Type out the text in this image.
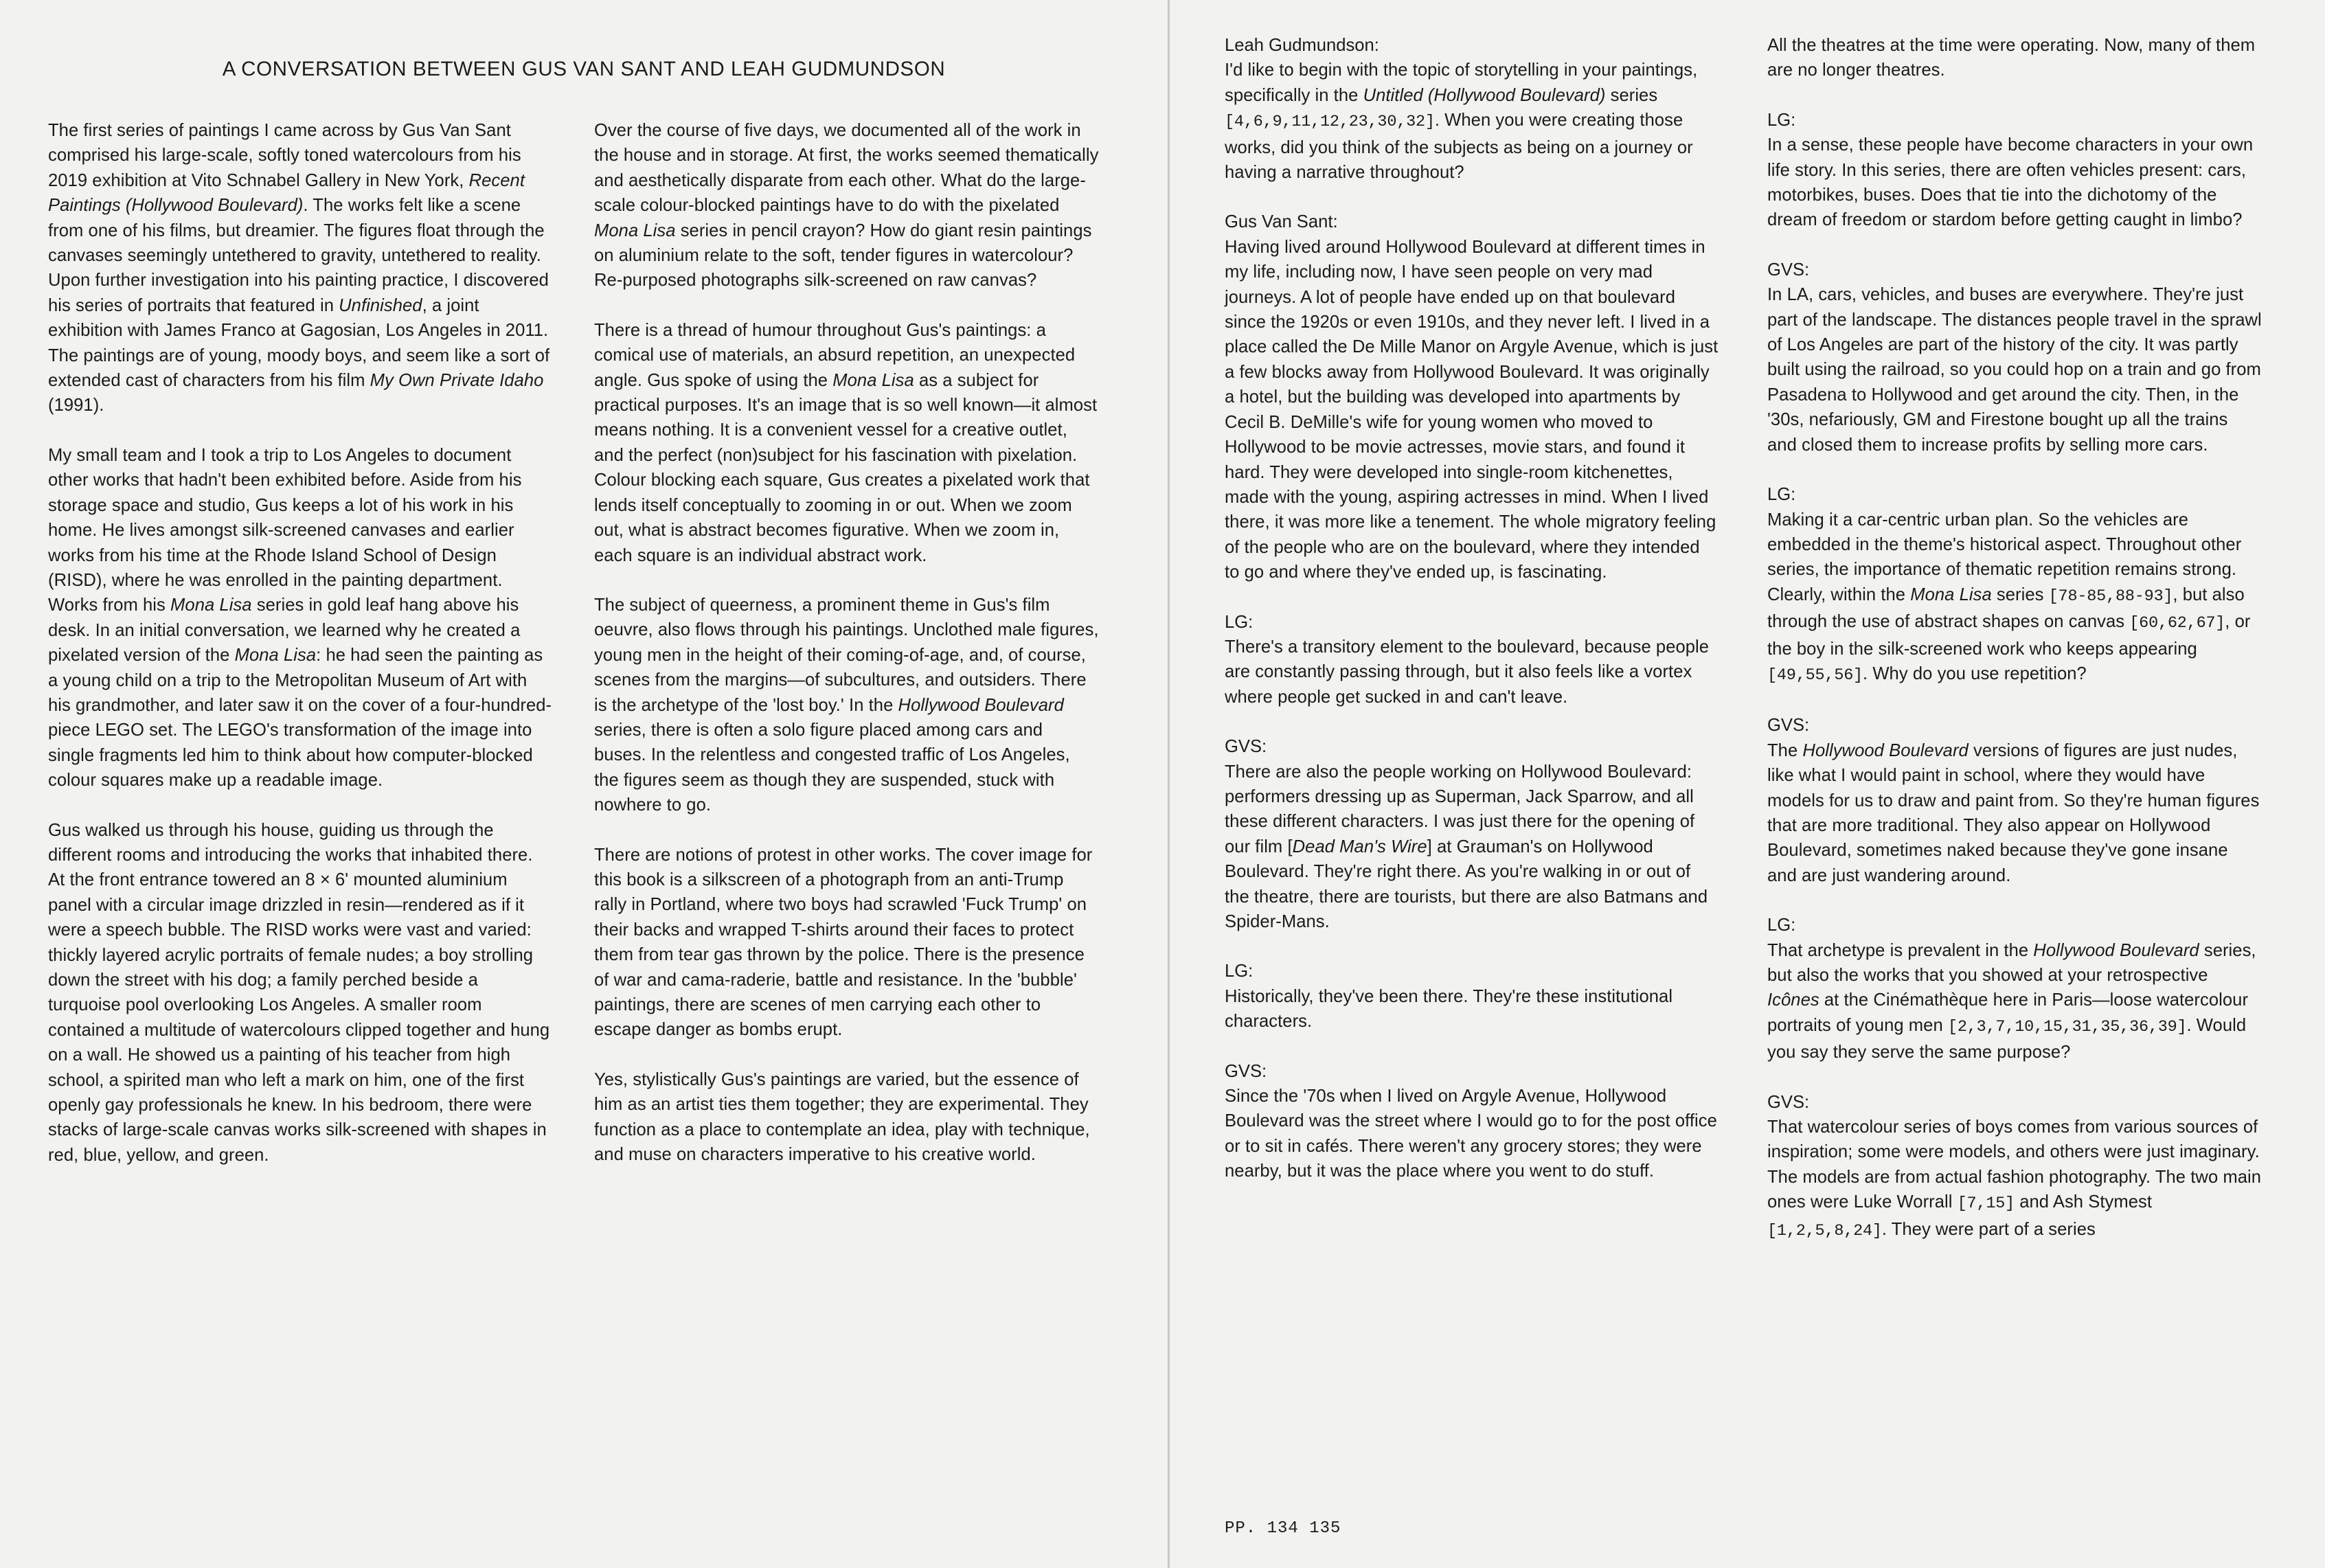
A CONVERSATION BETWEEN GUS VAN SANT AND LEAH GUDMUNDSON

The first series of paintings I came across by Gus Van Sant comprised his large-scale, softly toned watercolours from his 2019 exhibition at Vito Schnabel Gallery in New York, Recent Paintings (Hollywood Boulevard). The works felt like a scene from one of his films, but dreamier. The figures float through the canvases seemingly untethered to gravity, untethered to reality. Upon further investigation into his painting practice, I discovered his series of portraits that featured in Unfinished, a joint exhibition with James Franco at Gagosian, Los Angeles in 2011. The paintings are of young, moody boys, and seem like a sort of extended cast of characters from his film My Own Private Idaho (1991).

My small team and I took a trip to Los Angeles to document other works that hadn't been exhibited before. Aside from his storage space and studio, Gus keeps a lot of his work in his home. He lives amongst silk-screened canvases and earlier works from his time at the Rhode Island School of Design (RISD), where he was enrolled in the painting department. Works from his Mona Lisa series in gold leaf hang above his desk. In an initial conversation, we learned why he created a pixelated version of the Mona Lisa: he had seen the painting as a young child on a trip to the Metropolitan Museum of Art with his grandmother, and later saw it on the cover of a four-hundred-piece LEGO set. The LEGO's transformation of the image into single fragments led him to think about how computer-blocked colour squares make up a readable image.

Gus walked us through his house, guiding us through the different rooms and introducing the works that inhabited there. At the front entrance towered an 8 × 6' mounted aluminium panel with a circular image drizzled in resin—rendered as if it were a speech bubble. The RISD works were vast and varied: thickly layered acrylic portraits of female nudes; a boy strolling down the street with his dog; a family perched beside a turquoise pool overlooking Los Angeles. A smaller room contained a multitude of watercolours clipped together and hung on a wall. He showed us a painting of his teacher from high school, a spirited man who left a mark on him, one of the first openly gay professionals he knew. In his bedroom, there were stacks of large-scale canvas works silk-screened with shapes in red, blue, yellow, and green.

Over the course of five days, we documented all of the work in the house and in storage. At first, the works seemed thematically and aesthetically disparate from each other. What do the large-scale colour-blocked paintings have to do with the pixelated Mona Lisa series in pencil crayon? How do giant resin paintings on aluminium relate to the soft, tender figures in watercolour? Re-purposed photographs silk-screened on raw canvas?

There is a thread of humour throughout Gus's paintings: a comical use of materials, an absurd repetition, an unexpected angle. Gus spoke of using the Mona Lisa as a subject for practical purposes. It's an image that is so well known—it almost means nothing. It is a convenient vessel for a creative outlet, and the perfect (non)subject for his fascination with pixelation. Colour blocking each square, Gus creates a pixelated work that lends itself conceptually to zooming in or out. When we zoom out, what is abstract becomes figurative. When we zoom in, each square is an individual abstract work.

The subject of queerness, a prominent theme in Gus's film oeuvre, also flows through his paintings. Unclothed male figures, young men in the height of their coming-of-age, and, of course, scenes from the margins—of subcultures, and outsiders. There is the archetype of the 'lost boy.' In the Hollywood Boulevard series, there is often a solo figure placed among cars and buses. In the relentless and congested traffic of Los Angeles, the figures seem as though they are suspended, stuck with nowhere to go.

There are notions of protest in other works. The cover image for this book is a silkscreen of a photograph from an anti-Trump rally in Portland, where two boys had scrawled 'Fuck Trump' on their backs and wrapped T-shirts around their faces to protect them from tear gas thrown by the police. There is the presence of war and cama-raderie, battle and resistance. In the 'bubble' paintings, there are scenes of men carrying each other to escape danger as bombs erupt.

Yes, stylistically Gus's paintings are varied, but the essence of him as an artist ties them together; they are experimental. They function as a place to contemplate an idea, play with technique, and muse on characters imperative to his creative world.

Leah Gudmundson:

I'd like to begin with the topic of storytelling in your paintings, specifically in the Untitled (Hollywood Boulevard) series [4,6,9,11,12,23,30,32]. When you were creating those works, did you think of the subjects as being on a journey or having a narrative throughout?

Gus Van Sant:

Having lived around Hollywood Boulevard at different times in my life, including now, I have seen people on very mad journeys. A lot of people have ended up on that boulevard since the 1920s or even 1910s, and they never left. I lived in a place called the De Mille Manor on Argyle Avenue, which is just a few blocks away from Hollywood Boulevard. It was originally a hotel, but the building was developed into apartments by Cecil B. DeMille's wife for young women who moved to Hollywood to be movie actresses, movie stars, and found it hard. They were developed into single-room kitchenettes, made with the young, aspiring actresses in mind. When I lived there, it was more like a tenement. The whole migratory feeling of the people who are on the boulevard, where they intended to go and where they've ended up, is fascinating.

LG:

There's a transitory element to the boulevard, because people are constantly passing through, but it also feels like a vortex where people get sucked in and can't leave.

GVS:

There are also the people working on Hollywood Boulevard: performers dressing up as Superman, Jack Sparrow, and all these different characters. I was just there for the opening of our film [Dead Man's Wire] at Grauman's on Hollywood Boulevard. They're right there. As you're walking in or out of the theatre, there are tourists, but there are also Batmans and Spider-Mans.

LG:

Historically, they've been there. They're these institutional characters.

GVS:

Since the '70s when I lived on Argyle Avenue, Hollywood Boulevard was the street where I would go to for the post office or to sit in cafés. There weren't any grocery stores; they were nearby, but it was the place where you went to do stuff.

All the theatres at the time were operating. Now, many of them are no longer theatres.

LG:

In a sense, these people have become characters in your own life story. In this series, there are often vehicles present: cars, motorbikes, buses. Does that tie into the dichotomy of the dream of freedom or stardom before getting caught in limbo?

GVS:

In LA, cars, vehicles, and buses are everywhere. They're just part of the landscape. The distances people travel in the sprawl of Los Angeles are part of the history of the city. It was partly built using the railroad, so you could hop on a train and go from Pasadena to Hollywood and get around the city. Then, in the '30s, nefariously, GM and Firestone bought up all the trains and closed them to increase profits by selling more cars.

LG:

Making it a car-centric urban plan. So the vehicles are embedded in the theme's historical aspect. Throughout other series, the importance of thematic repetition remains strong. Clearly, within the Mona Lisa series [78-85,88-93], but also through the use of abstract shapes on canvas [60,62,67], or the boy in the silk-screened work who keeps appearing [49,55,56]. Why do you use repetition?

GVS:

The Hollywood Boulevard versions of figures are just nudes, like what I would paint in school, where they would have models for us to draw and paint from. So they're human figures that are more traditional. They also appear on Hollywood Boulevard, sometimes naked because they've gone insane and are just wandering around.

LG:

That archetype is prevalent in the Hollywood Boulevard series, but also the works that you showed at your retrospective Icônes at the Cinémathèque here in Paris—loose watercolour portraits of young men [2,3,7,10,15,31,35,36,39]. Would you say they serve the same purpose?

GVS:

That watercolour series of boys comes from various sources of inspiration; some were models, and others were just imaginary. The models are from actual fashion photography. The two main ones were Luke Worrall [7,15] and Ash Stymest [1,2,5,8,24]. They were part of a series

PP. 134 135
